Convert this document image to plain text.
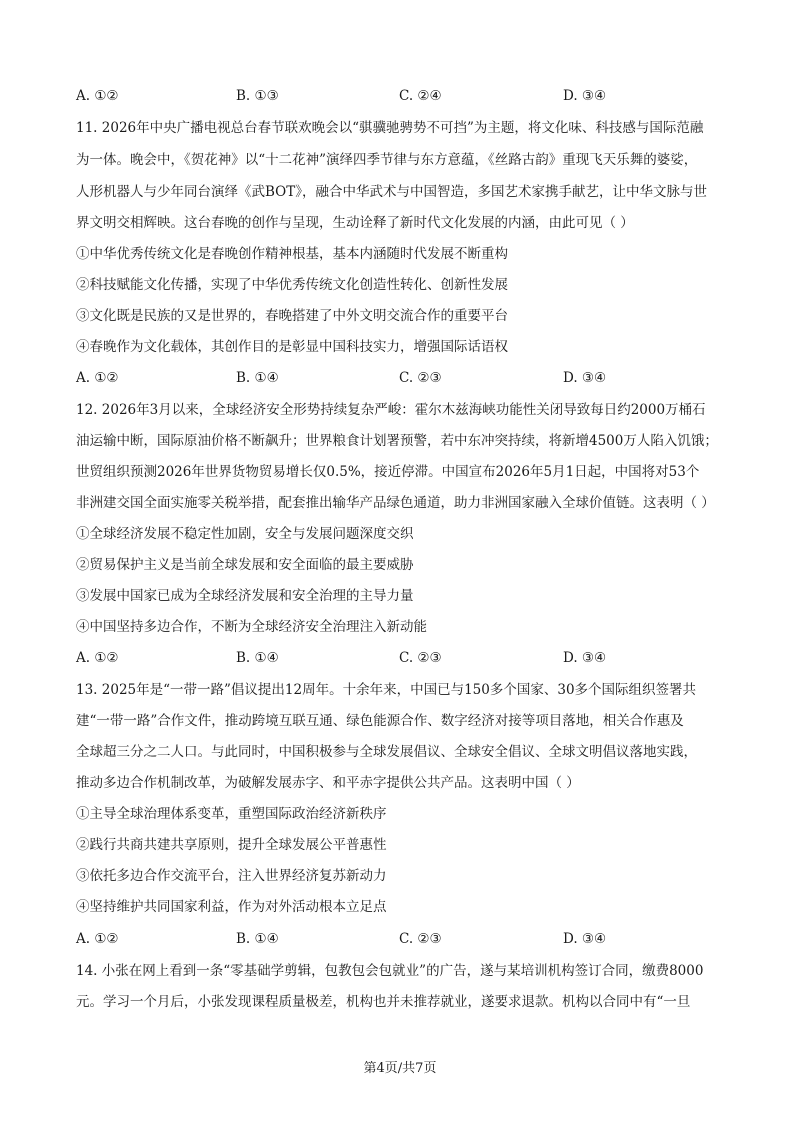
A. ①②	B. ①③	C. ②④	D. ③④
11. 2026年中央广播电视总台春节联欢晚会以“骐骥驰骋势不可挡”为主题，将文化味、科技感与国际范融
为一体。晚会中，《贺花神》以“十二花神”演绎四季节律与东方意蕴，《丝路古韵》重现飞天乐舞的婆娑，
人形机器人与少年同台演绎《武BOT》，融合中华武术与中国智造，多国艺术家携手献艺，让中华文脉与世
界文明交相辉映。这台春晚的创作与呈现，生动诠释了新时代文化发展的内涵，由此可见（ ）
①中华优秀传统文化是春晚创作精神根基，基本内涵随时代发展不断重构
②科技赋能文化传播，实现了中华优秀传统文化创造性转化、创新性发展
③文化既是民族的又是世界的，春晚搭建了中外文明交流合作的重要平台
④春晚作为文化载体，其创作目的是彰显中国科技实力，增强国际话语权
A. ①②	B. ①④	C. ②③	D. ③④
12. 2026年3月以来，全球经济安全形势持续复杂严峻：霍尔木兹海峡功能性关闭导致每日约2000万桶石
油运输中断，国际原油价格不断飙升；世界粮食计划署预警，若中东冲突持续，将新增4500万人陷入饥饿；
世贸组织预测2026年世界货物贸易增长仅0.5%，接近停滞。中国宣布2026年5月1日起，中国将对53个
非洲建交国全面实施零关税举措，配套推出输华产品绿色通道，助力非洲国家融入全球价值链。这表明（ ）
①全球经济发展不稳定性加剧，安全与发展问题深度交织
②贸易保护主义是当前全球发展和安全面临的最主要威胁
③发展中国家已成为全球经济发展和安全治理的主导力量
④中国坚持多边合作，不断为全球经济安全治理注入新动能
A. ①②	B. ①④	C. ②③	D. ③④
13. 2025年是“一带一路”倡议提出12周年。十余年来，中国已与150多个国家、30多个国际组织签署共
建“一带一路”合作文件，推动跨境互联互通、绿色能源合作、数字经济对接等项目落地，相关合作惠及
全球超三分之二人口。与此同时，中国积极参与全球发展倡议、全球安全倡议、全球文明倡议落地实践，
推动多边合作机制改革，为破解发展赤字、和平赤字提供公共产品。这表明中国（ ）
①主导全球治理体系变革，重塑国际政治经济新秩序
②践行共商共建共享原则，提升全球发展公平普惠性
③依托多边合作交流平台，注入世界经济复苏新动力
④坚持维护共同国家利益，作为对外活动根本立足点
A. ①②	B. ①④	C. ②③	D. ③④
14. 小张在网上看到一条“零基础学剪辑，包教包会包就业”的广告，遂与某培训机构签订合同，缴费8000
元。学习一个月后，小张发现课程质量极差，机构也并未推荐就业，遂要求退款。机构以合同中有“一旦
第4页/共7页
